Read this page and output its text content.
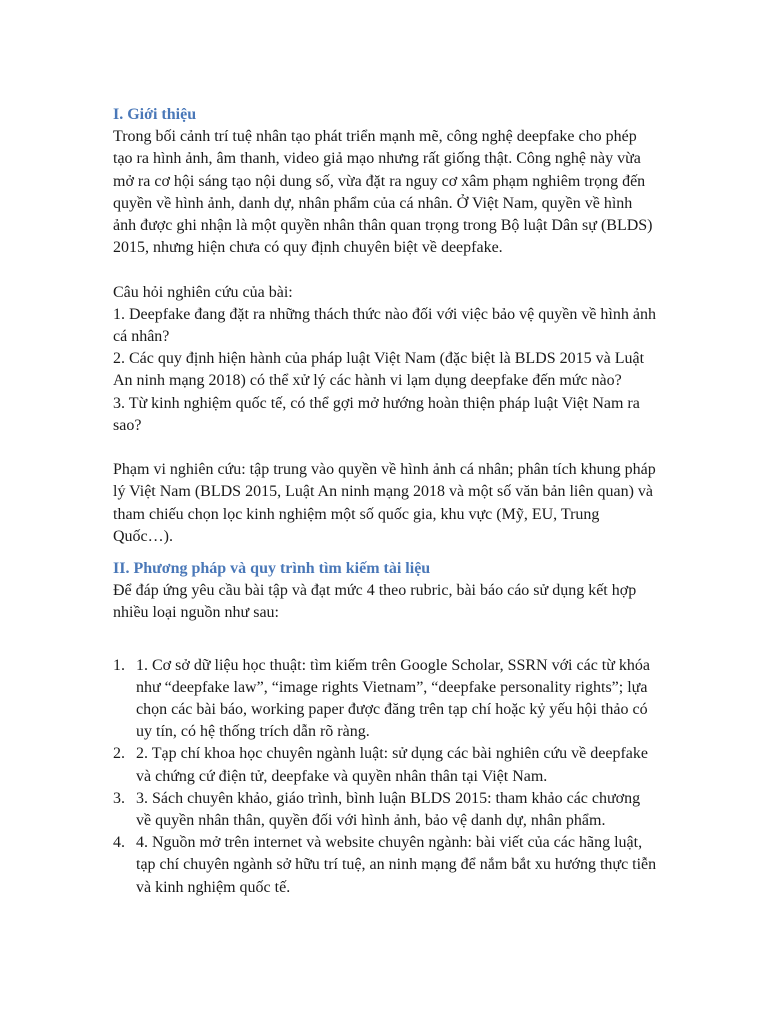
I. Giới thiệu

Trong bối cảnh trí tuệ nhân tạo phát triển mạnh mẽ, công nghệ deepfake cho phép tạo ra hình ảnh, âm thanh, video giả mạo nhưng rất giống thật. Công nghệ này vừa mở ra cơ hội sáng tạo nội dung số, vừa đặt ra nguy cơ xâm phạm nghiêm trọng đến quyền về hình ảnh, danh dự, nhân phẩm của cá nhân. Ở Việt Nam, quyền về hình ảnh được ghi nhận là một quyền nhân thân quan trọng trong Bộ luật Dân sự (BLDS) 2015, nhưng hiện chưa có quy định chuyên biệt về deepfake.

Câu hỏi nghiên cứu của bài:

1. Deepfake đang đặt ra những thách thức nào đối với việc bảo vệ quyền về hình ảnh cá nhân?

2. Các quy định hiện hành của pháp luật Việt Nam (đặc biệt là BLDS 2015 và Luật An ninh mạng 2018) có thể xử lý các hành vi lạm dụng deepfake đến mức nào?

3. Từ kinh nghiệm quốc tế, có thể gợi mở hướng hoàn thiện pháp luật Việt Nam ra sao?

Phạm vi nghiên cứu: tập trung vào quyền về hình ảnh cá nhân; phân tích khung pháp lý Việt Nam (BLDS 2015, Luật An ninh mạng 2018 và một số văn bản liên quan) và tham chiếu chọn lọc kinh nghiệm một số quốc gia, khu vực (Mỹ, EU, Trung Quốc…).

II. Phương pháp và quy trình tìm kiếm tài liệu

Để đáp ứng yêu cầu bài tập và đạt mức 4 theo rubric, bài báo cáo sử dụng kết hợp nhiều loại nguồn như sau:

1. 1. Cơ sở dữ liệu học thuật: tìm kiếm trên Google Scholar, SSRN với các từ khóa như “deepfake law”, “image rights Vietnam”, “deepfake personality rights”; lựa chọn các bài báo, working paper được đăng trên tạp chí hoặc kỷ yếu hội thảo có uy tín, có hệ thống trích dẫn rõ ràng.
2. 2. Tạp chí khoa học chuyên ngành luật: sử dụng các bài nghiên cứu về deepfake và chứng cứ điện tử, deepfake và quyền nhân thân tại Việt Nam.
3. 3. Sách chuyên khảo, giáo trình, bình luận BLDS 2015: tham khảo các chương về quyền nhân thân, quyền đối với hình ảnh, bảo vệ danh dự, nhân phẩm.
4. 4. Nguồn mở trên internet và website chuyên ngành: bài viết của các hãng luật, tạp chí chuyên ngành sở hữu trí tuệ, an ninh mạng để nắm bắt xu hướng thực tiễn và kinh nghiệm quốc tế.
